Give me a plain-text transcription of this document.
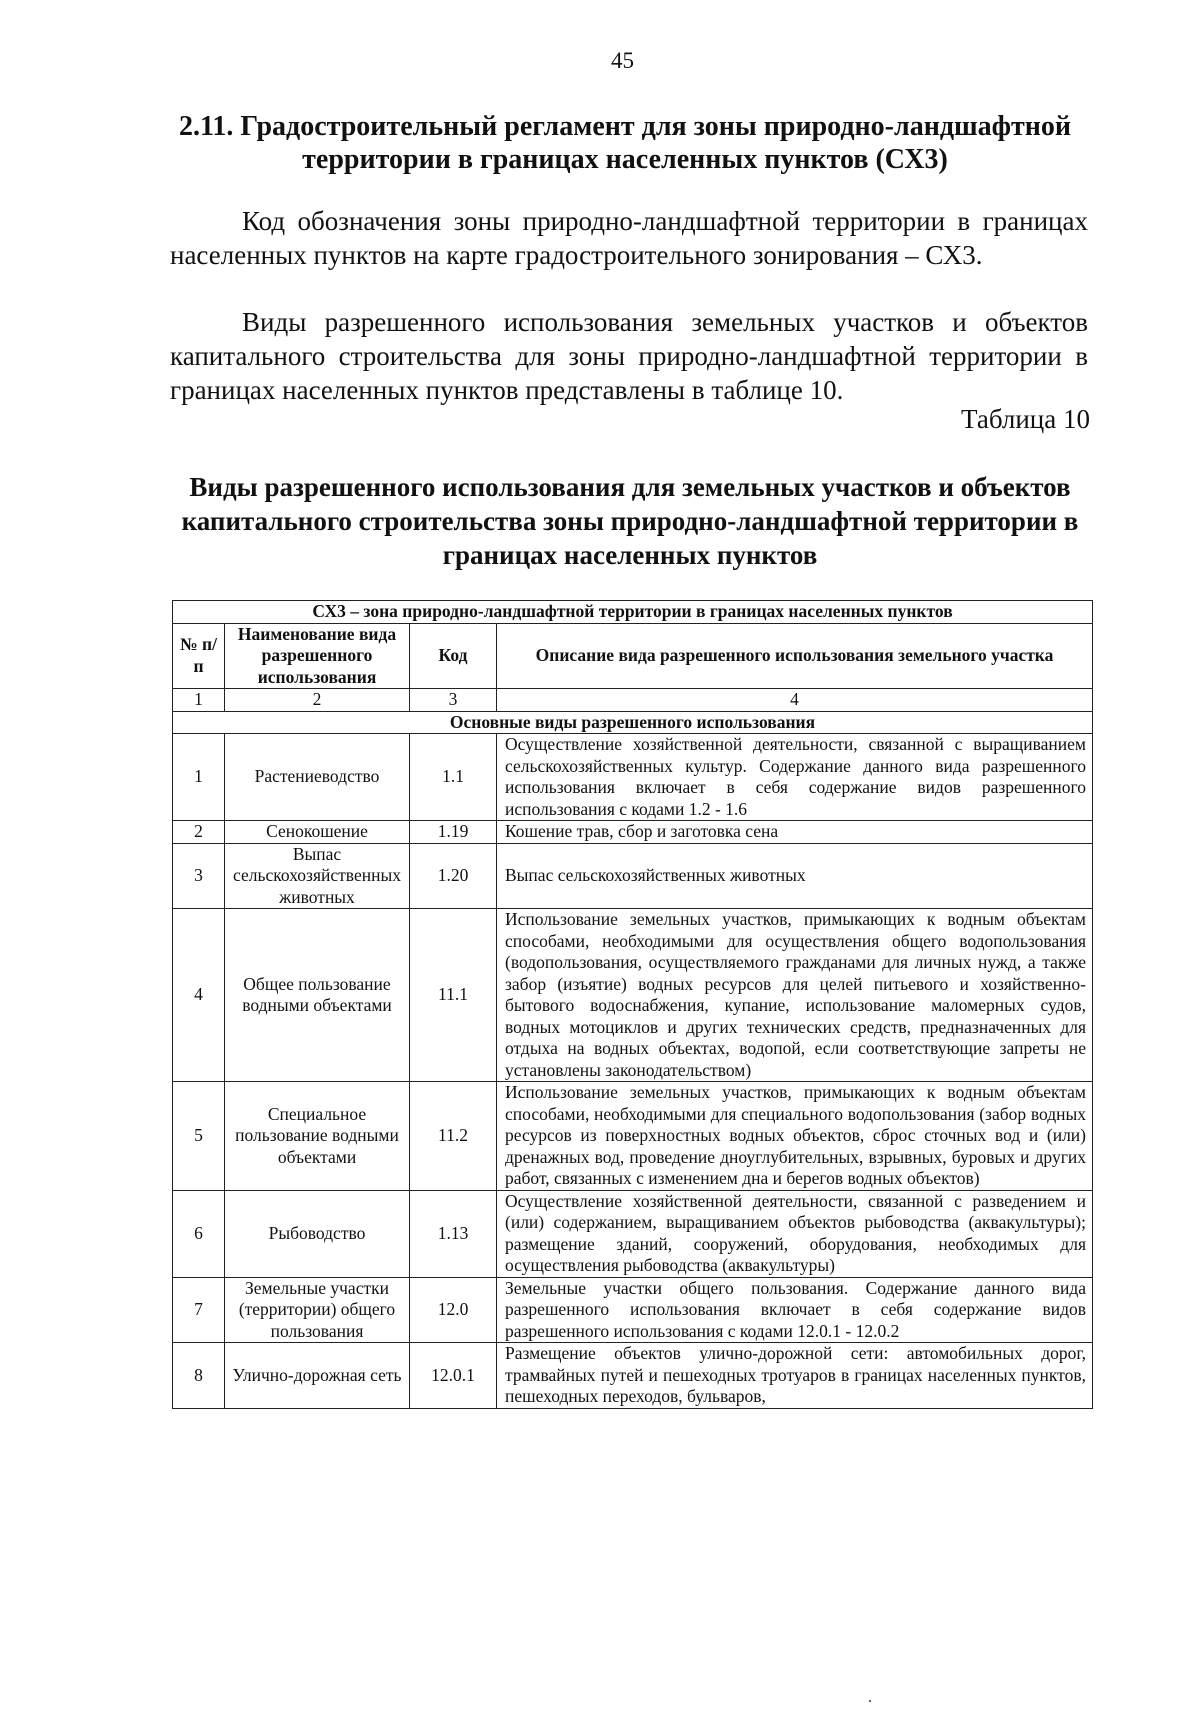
45
2.11. Градостроительный регламент для зоны природно-ландшафтной территории в границах населенных пунктов (СХ3)

Код обозначения зоны природно-ландшафтной территории в границах населенных пунктов на карте градостроительного зонирования – СХ3.

Виды разрешенного использования земельных участков и объектов капитального строительства для зоны природно-ландшафтной территории в границах населенных пунктов представлены в таблице 10.

Таблица 10
Виды разрешенного использования для земельных участков и объектов капитального строительства зоны природно-ландшафтной территории в границах населенных пунктов
СХ3 – зона природно-ландшафтной территории в границах населенных пунктов			
№ п/п	Наименование вида разрешенного использования	Код	Описание вида разрешенного использования земельного участка
1	2	3	4
Основные виды разрешенного использования			
1	Растениеводство	1.1	Осуществление хозяйственной деятельности, связанной с выращиванием сельскохозяйственных культур. Содержание данного вида разрешенного использования включает в себя содержание видов разрешенного использования с кодами 1.2 - 1.6
2	Сенокошение	1.19	Кошение трав, сбор и заготовка сена
3	Выпас сельскохозяйственных животных	1.20	Выпас сельскохозяйственных животных
4	Общее пользование водными объектами	11.1	Использование земельных участков, примыкающих к водным объектам способами, необходимыми для осуществления общего водопользования (водопользования, осуществляемого гражданами для личных нужд, а также забор (изъятие) водных ресурсов для целей питьевого и хозяйственно-бытового водоснабжения, купание, использование маломерных судов, водных мотоциклов и других технических средств, предназначенных для отдыха на водных объектах, водопой, если соответствующие запреты не установлены законодательством)
5	Специальное пользование водными объектами	11.2	Использование земельных участков, примыкающих к водным объектам способами, необходимыми для специального водопользования (забор водных ресурсов из поверхностных водных объектов, сброс сточных вод и (или) дренажных вод, проведение дноуглубительных, взрывных, буровых и других работ, связанных с изменением дна и берегов водных объектов)
6	Рыбоводство	1.13	Осуществление хозяйственной деятельности, связанной с разведением и (или) содержанием, выращиванием объектов рыбоводства (аквакультуры); размещение зданий, сооружений, оборудования, необходимых для осуществления рыбоводства (аквакультуры)
7	Земельные участки (территории) общего пользования	12.0	Земельные участки общего пользования. Содержание данного вида разрешенного использования включает в себя содержание видов разрешенного использования с кодами 12.0.1 - 12.0.2
8	Улично-дорожная сеть	12.0.1	Размещение объектов улично-дорожной сети: автомобильных дорог, трамвайных путей и пешеходных тротуаров в границах населенных пунктов, пешеходных переходов, бульваров,
